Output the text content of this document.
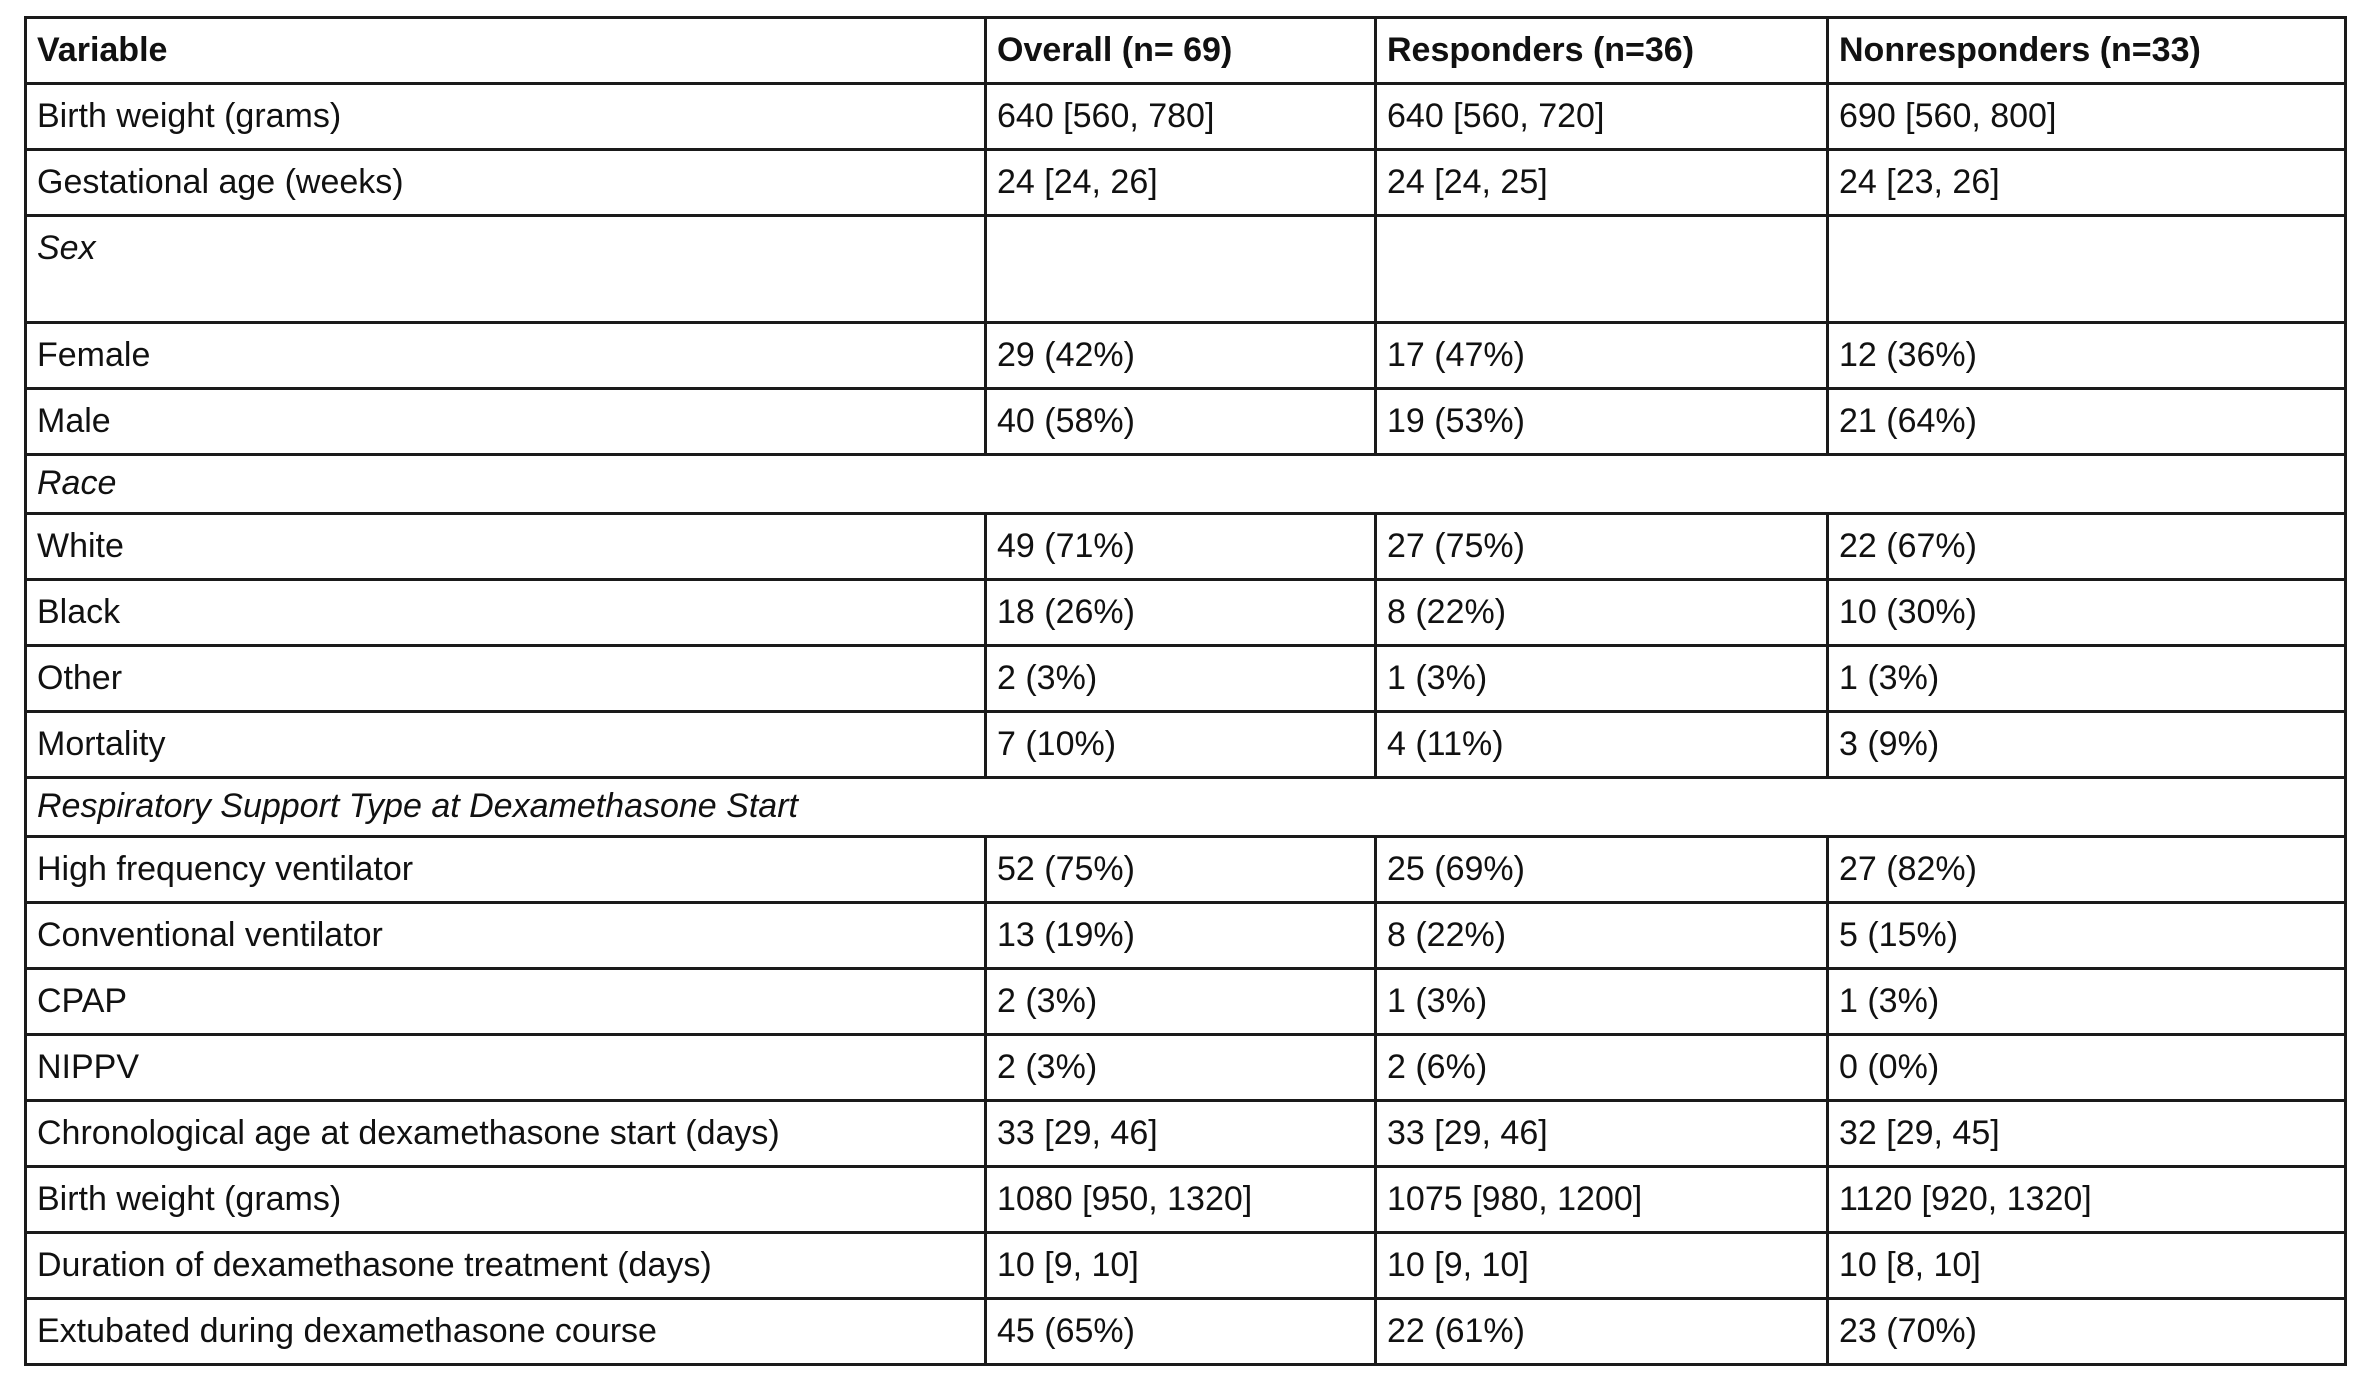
Variable	Overall (n= 69)	Responders (n=36)	Nonresponders (n=33)
Birth weight (grams)	640 [560, 780]	640 [560, 720]	690 [560, 800]
Gestational age (weeks)	24 [24, 26]	24 [24, 25]	24 [23, 26]
Sex			
Female	29 (42%)	17 (47%)	12 (36%)
Male	40 (58%)	19 (53%)	21 (64%)
Race			
White	49 (71%)	27 (75%)	22 (67%)
Black	18 (26%)	8 (22%)	10 (30%)
Other	2 (3%)	1 (3%)	1 (3%)
Mortality	7 (10%)	4 (11%)	3 (9%)
Respiratory Support Type at Dexamethasone Start			
High frequency ventilator	52 (75%)	25 (69%)	27 (82%)
Conventional ventilator	13 (19%)	8 (22%)	5 (15%)
CPAP	2 (3%)	1 (3%)	1 (3%)
NIPPV	2 (3%)	2 (6%)	0 (0%)
Chronological age at dexamethasone start (days)	33 [29, 46]	33 [29, 46]	32 [29, 45]
Birth weight (grams)	1080 [950, 1320]	1075 [980, 1200]	1120 [920, 1320]
Duration of dexamethasone treatment (days)	10 [9, 10]	10 [9, 10]	10 [8, 10]
Extubated during dexamethasone course	45 (65%)	22 (61%)	23 (70%)
